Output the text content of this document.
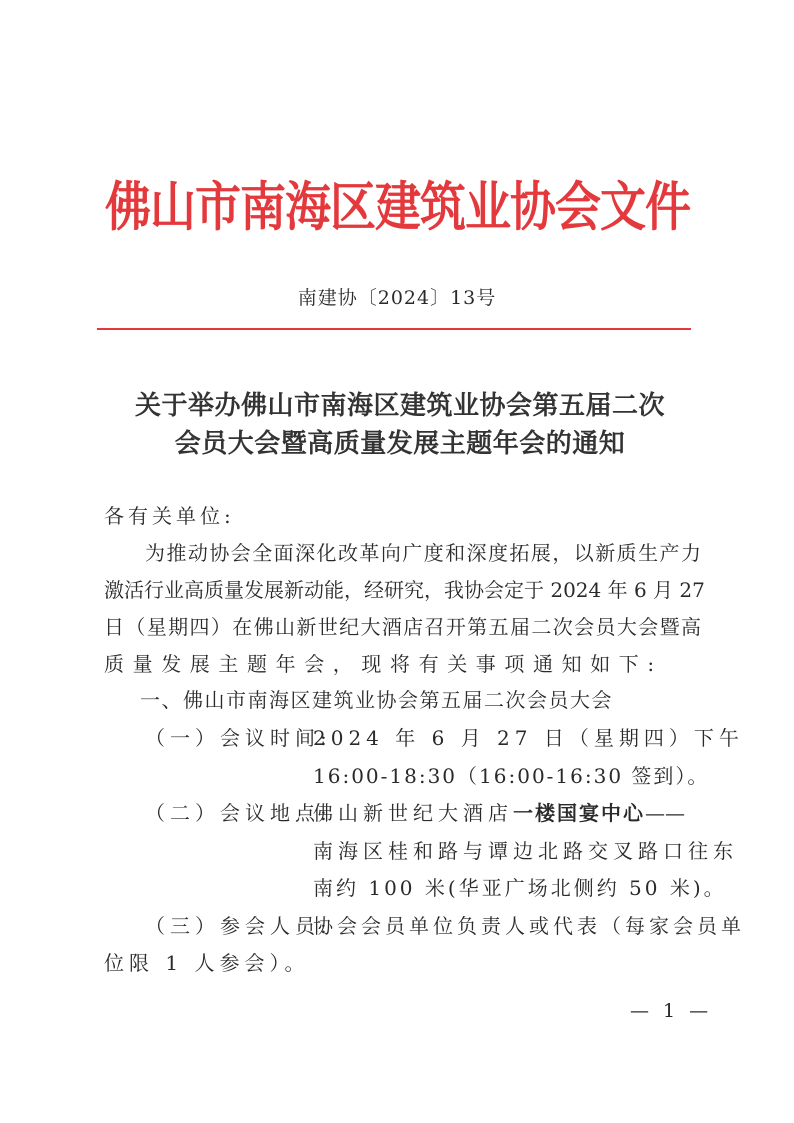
佛山市南海区建筑业协会文件
南建协〔2024〕13号
关于举办佛山市南海区建筑业协会第五届二次
会员大会暨高质量发展主题年会的通知
各有关单位:
为推动协会全面深化改革向广度和深度拓展，以新质生产力
激活行业高质量发展新动能，经研究，我协会定于 2024 年 6 月 27
日（星期四）在佛山新世纪大酒店召开第五届二次会员大会暨高
质量发展主题年会，现将有关事项通知如下:
一、佛山市南海区建筑业协会第五届二次会员大会
（一）会议时间:
2024 年 6 月 27 日（星期四）下午
16:00-18:30（16:00-16:30 签到）。
（二）会议地点:
佛山新世纪大酒店一楼国宴中心——
南海区桂和路与谭边北路交叉路口往东
南约 100 米(华亚广场北侧约 50 米)。
（三）参会人员:
协会会员单位负责人或代表（每家会员单
位限 1 人参会）。
— 1 —
